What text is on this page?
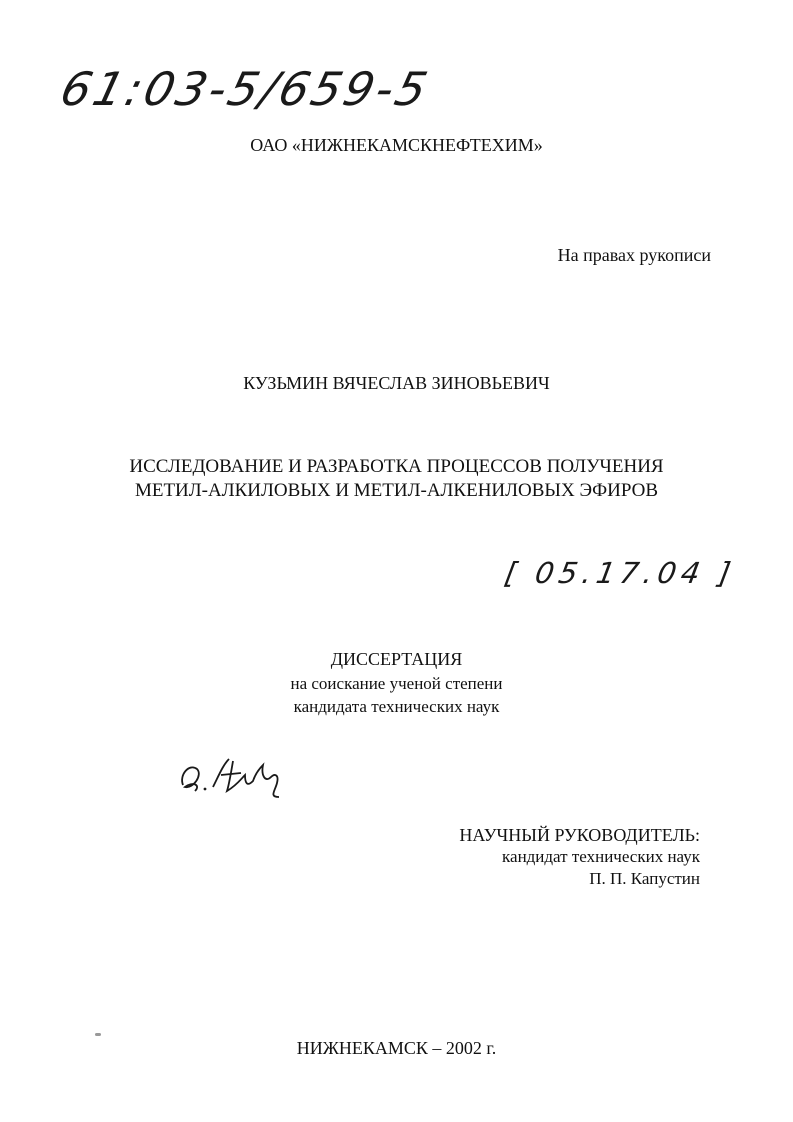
61:03-5/659-5
ОАО «НИЖНЕКАМСКНЕФТЕХИМ»
На правах рукописи
КУЗЬМИН ВЯЧЕСЛАВ ЗИНОВЬЕВИЧ
ИССЛЕДОВАНИЕ И РАЗРАБОТКА ПРОЦЕССОВ ПОЛУЧЕНИЯ
МЕТИЛ-АЛКИЛОВЫХ И МЕТИЛ-АЛКЕНИЛОВЫХ ЭФИРОВ
[ 05.17.04 ]
ДИССЕРТАЦИЯ
на соискание ученой степени
кандидата технических наук
НАУЧНЫЙ РУКОВОДИТЕЛЬ:
кандидат технических наук
П. П. Капустин
НИЖНЕКАМСК – 2002 г.
